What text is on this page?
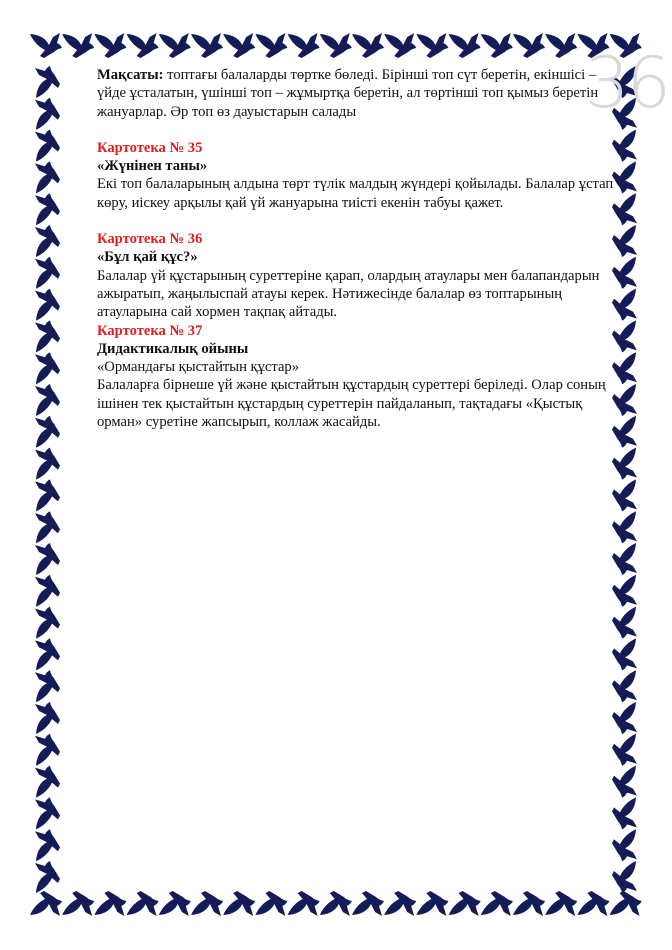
36

Мақсаты: топтағы балаларды төртке бөледі. Бірінші топ сүт беретін, екіншісі – үйде ұсталатын, үшінші топ – жұмыртқа беретін, ал төртінші топ қымыз беретін жануарлар. Әр топ өз дауыстарын салады

Картотека № 35

«Жүнінен таны»

Екі топ балаларының алдына төрт түлік малдың жүндері қойылады. Балалар ұстап көру, иіскеу арқылы қай үй жануарына тиісті екенін табуы қажет.

Картотека № 36

«Бұл қай құс?»

Балалар үй құстарының суреттеріне қарап, олардың атаулары мен балапандарын ажыратып, жаңылыспай атауы керек. Нәтижесінде балалар өз топтарының атауларына сай хормен тақпақ айтады.

Картотека № 37

Дидактикалық ойыны

«Ормандағы қыстайтын құстар»

Балаларға бірнеше үй және қыстайтын құстардың суреттері беріледі. Олар соның ішінен тек қыстайтын құстардың суреттерін пайдаланып, тақтадағы «Қыстық орман» суретіне жапсырып, коллаж жасайды.
